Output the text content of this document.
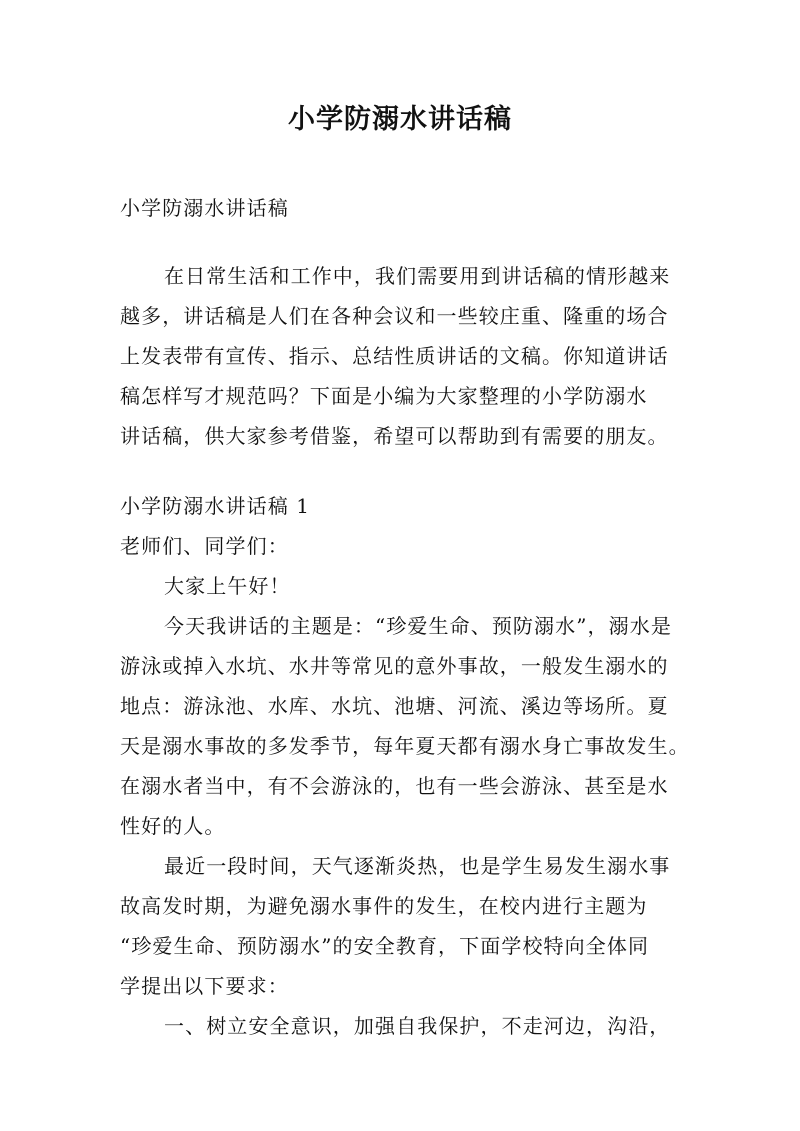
小学防溺水讲话稿
小学防溺水讲话稿
在日常生活和工作中，我们需要用到讲话稿的情形越来
越多，讲话稿是人们在各种会议和一些较庄重、隆重的场合
上发表带有宣传、指示、总结性质讲话的文稿。你知道讲话
稿怎样写才规范吗？下面是小编为大家整理的小学防溺水
讲话稿，供大家参考借鉴，希望可以帮助到有需要的朋友。
小学防溺水讲话稿 1
老师们、同学们：
大家上午好！
今天我讲话的主题是：“珍爱生命、预防溺水”，溺水是
游泳或掉入水坑、水井等常见的意外事故，一般发生溺水的
地点：游泳池、水库、水坑、池塘、河流、溪边等场所。夏
天是溺水事故的多发季节，每年夏天都有溺水身亡事故发生。
在溺水者当中，有不会游泳的，也有一些会游泳、甚至是水
性好的人。
最近一段时间，天气逐渐炎热，也是学生易发生溺水事
故高发时期，为避免溺水事件的发生，在校内进行主题为
“珍爱生命、预防溺水”的安全教育，下面学校特向全体同
学提出以下要求：
一、树立安全意识，加强自我保护，不走河边，沟沿，
